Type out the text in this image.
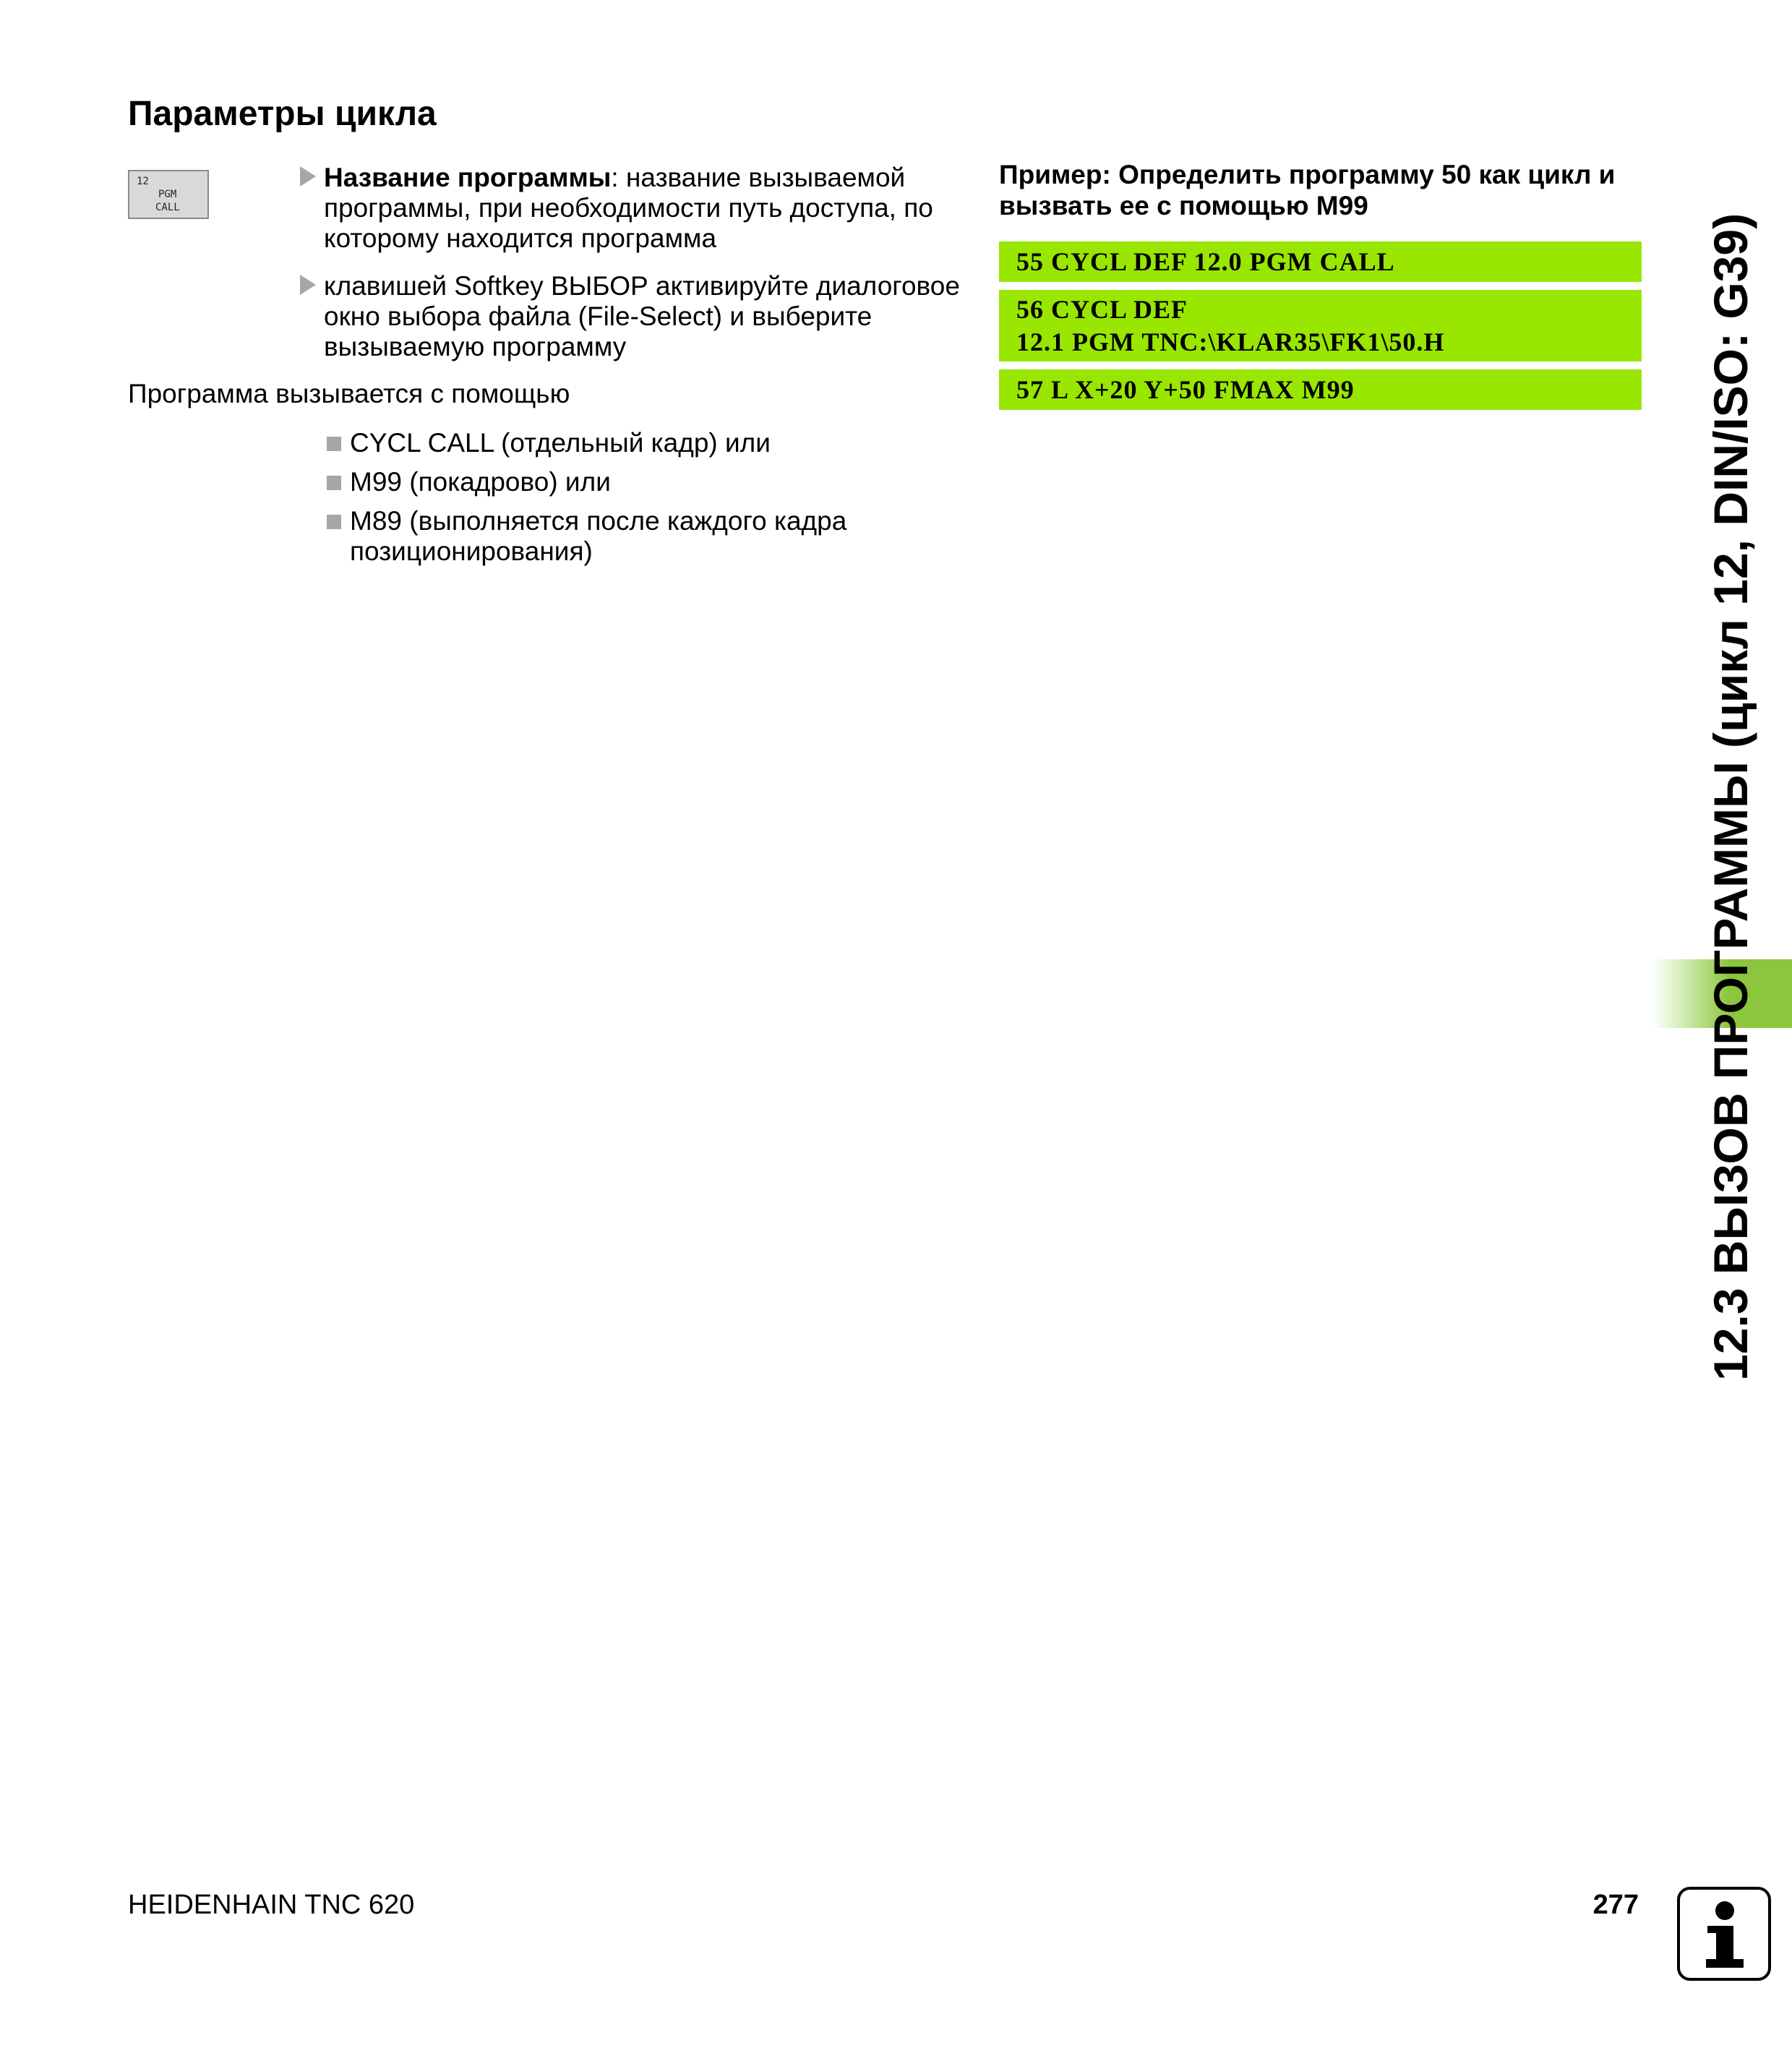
Параметры цикла
12
PGM
CALL
Название программы: название вызываемой программы, при необходимости путь доступа, по которому находится программа
клавишей Softkey ВЫБОР активируйте диалоговое окно выбора файла (File-Select) и выберите вызываемую программу
Программа вызывается с помощью
CYCL CALL (отдельный кадр) или
M99 (покадрово) или
M89 (выполняется после каждого кадра позиционирования)
Пример: Определить программу 50 как цикл и вызвать ее с помощью M99
55 CYCL DEF 12.0 PGM CALL
56 CYCL DEF
12.1 PGM TNC:\KLAR35\FK1\50.H
57 L X+20 Y+50 FMAX M99	12.3 ВЫЗОВ ПРОГРАММЫ (цикл 12, DIN/ISO: G39)
HEIDENHAIN TNC 620	277
